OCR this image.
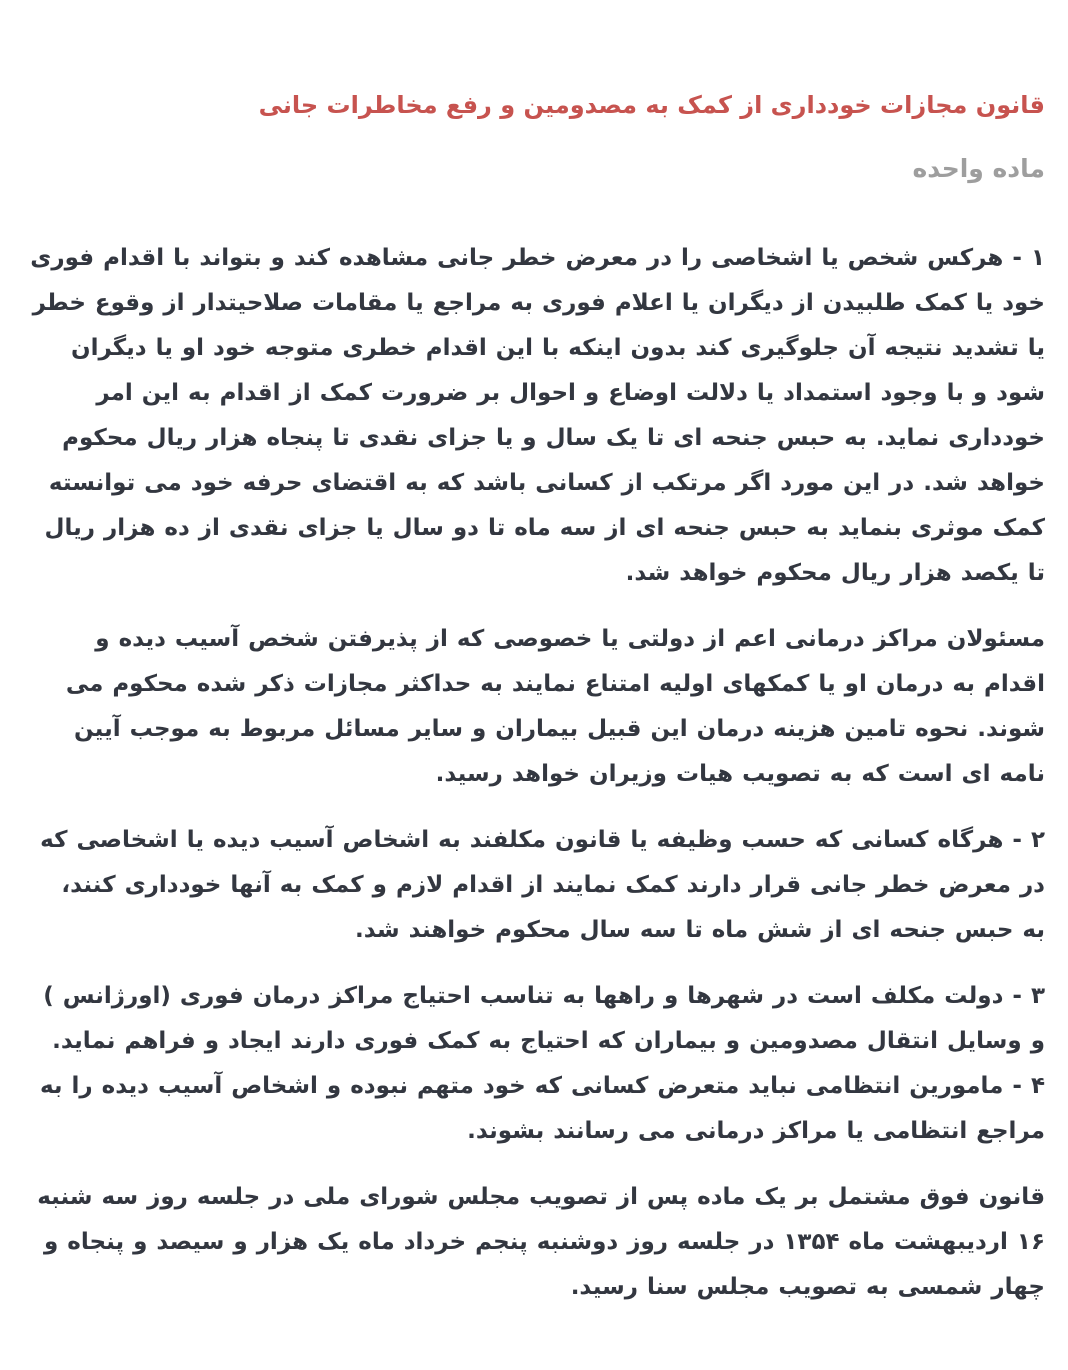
قانون مجازات خودداری از کمک به مصدومین و رفع مخاطرات جانی
ماده واحده

۱ - هرکس شخص یا اشخاصی را در معرض خطر جانی مشاهده کند و بتواند با اقدام فوری خود یا کمک طلبیدن از دیگران یا اعلام فوری به مراجع یا مقامات صلاحیتدار از وقوع خطر یا تشدید نتیجه آن جلوگیری کند بدون اینکه با این اقدام خطری متوجه خود او یا دیگران شود و با وجود استمداد یا دلالت اوضاع و احوال بر ضرورت کمک از اقدام به این امر خودداری نماید. به حبس جنحه ای تا یک سال و یا جزای نقدی تا پنجاه هزار ریال محکوم خواهد شد. در این مورد اگر مرتکب از کسانی باشد که به اقتضای حرفه خود می توانسته کمک موثری بنماید به حبس جنحه ای از سه ماه تا دو سال یا جزای نقدی از ده هزار ریال تا یکصد هزار ریال محکوم خواهد شد.

مسئولان مراکز درمانی اعم از دولتی یا خصوصی که از پذیرفتن شخص آسیب دیده و اقدام به درمان او یا کمکهای اولیه امتناع نمایند به حداکثر مجازات ذکر شده محکوم می شوند. نحوه تامین هزینه درمان این قبیل بیماران و سایر مسائل مربوط به موجب آیین نامه ای است که به تصویب هیات وزیران خواهد رسید.

۲ - هرگاه کسانی که حسب وظیفه یا قانون مکلفند به اشخاص آسیب دیده یا اشخاصی که در معرض خطر جانی قرار دارند کمک نمایند از اقدام لازم و کمک به آنها خودداری کنند، به حبس جنحه ای از شش ماه تا سه سال محکوم خواهند شد.

۳ - دولت مکلف است در شهرها و راهها به تناسب احتیاج مراکز درمان فوری (اورژانس ) و وسایل انتقال مصدومین و بیماران که احتیاج به کمک فوری دارند ایجاد و فراهم نماید.

۴ - مامورین انتظامی نباید متعرض کسانی که خود متهم نبوده و اشخاص آسیب دیده را به مراجع انتظامی یا مراکز درمانی می رسانند بشوند.

قانون فوق مشتمل بر یک ماده پس از تصویب مجلس شورای ملی در جلسه روز سه شنبه ۱۶ اردیبهشت ماه ۱۳۵۴ در جلسه روز دوشنبه پنجم خرداد ماه یک هزار و سیصد و پنجاه و چهار شمسی به تصویب مجلس سنا رسید.
